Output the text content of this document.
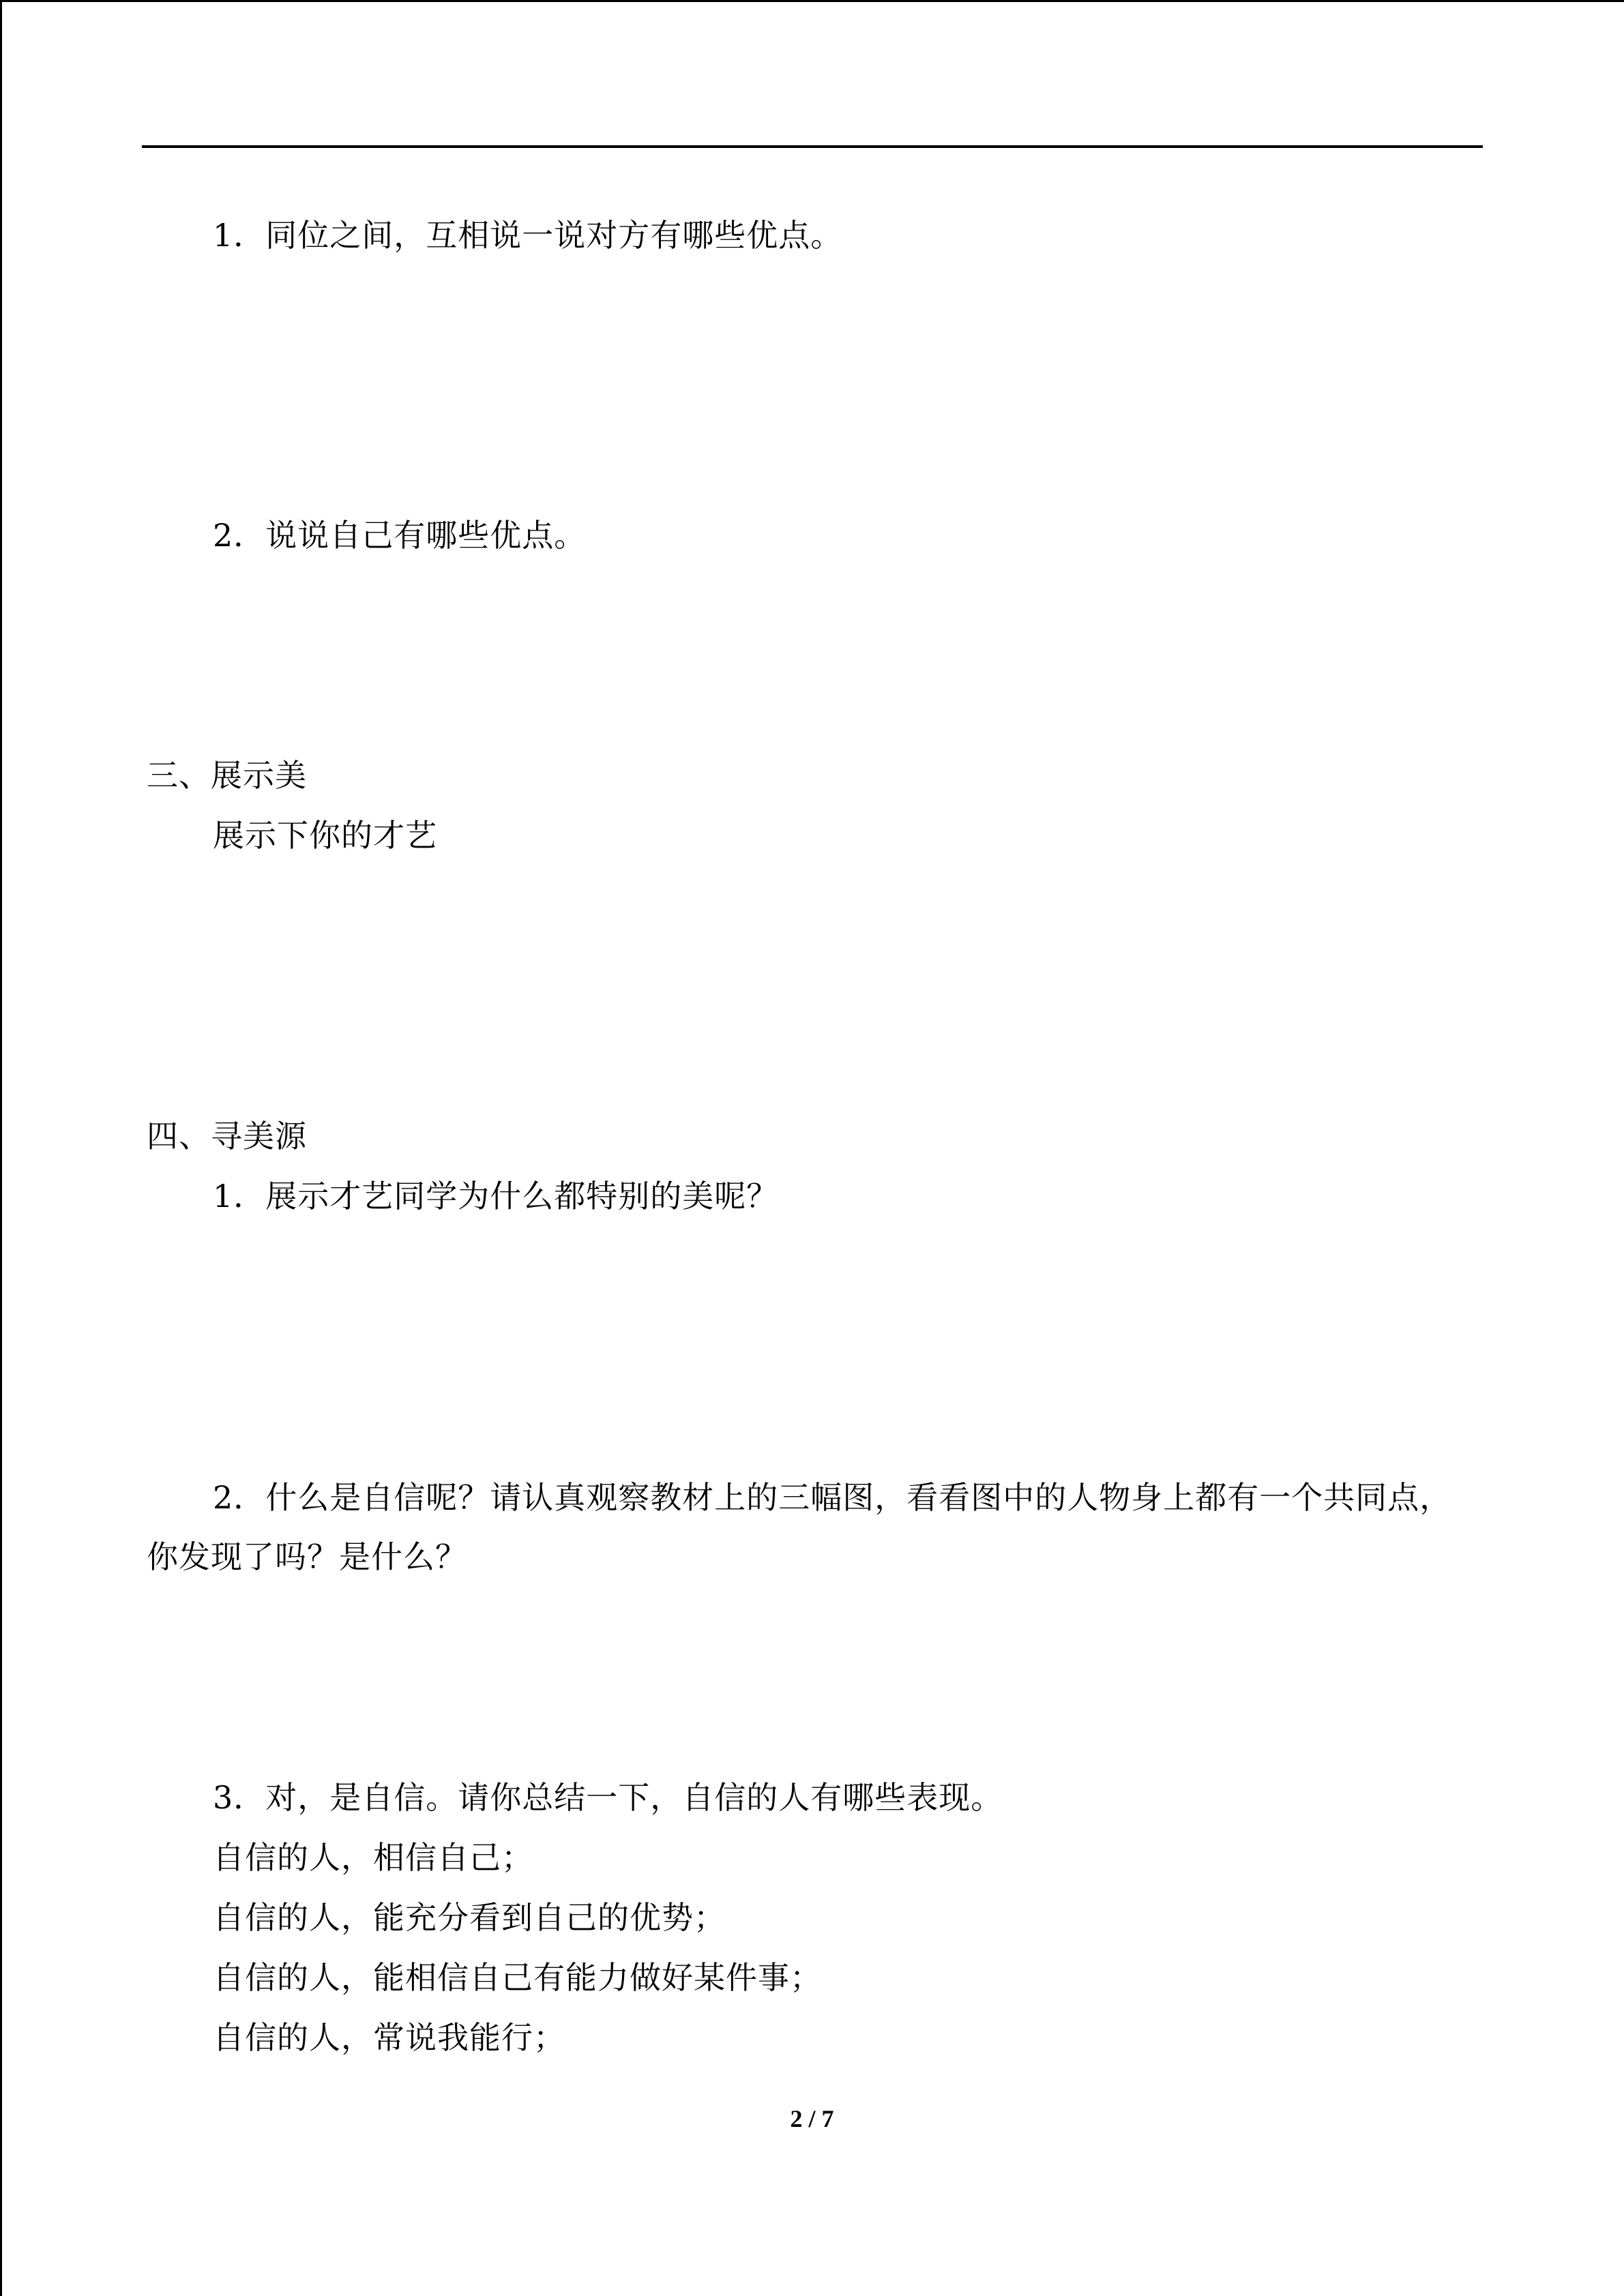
1．同位之间，互相说一说对方有哪些优点。
2．说说自己有哪些优点。
三、展示美
展示下你的才艺
四、寻美源
1．展示才艺同学为什么都特别的美呢？
2．什么是自信呢？请认真观察教材上的三幅图，看看图中的人物身上都有一个共同点，
你发现了吗？是什么？
3．对，是自信。请你总结一下，自信的人有哪些表现。
自信的人，相信自己；
自信的人，能充分看到自己的优势；
自信的人，能相信自己有能力做好某件事；
自信的人，常说我能行；
2 / 7
